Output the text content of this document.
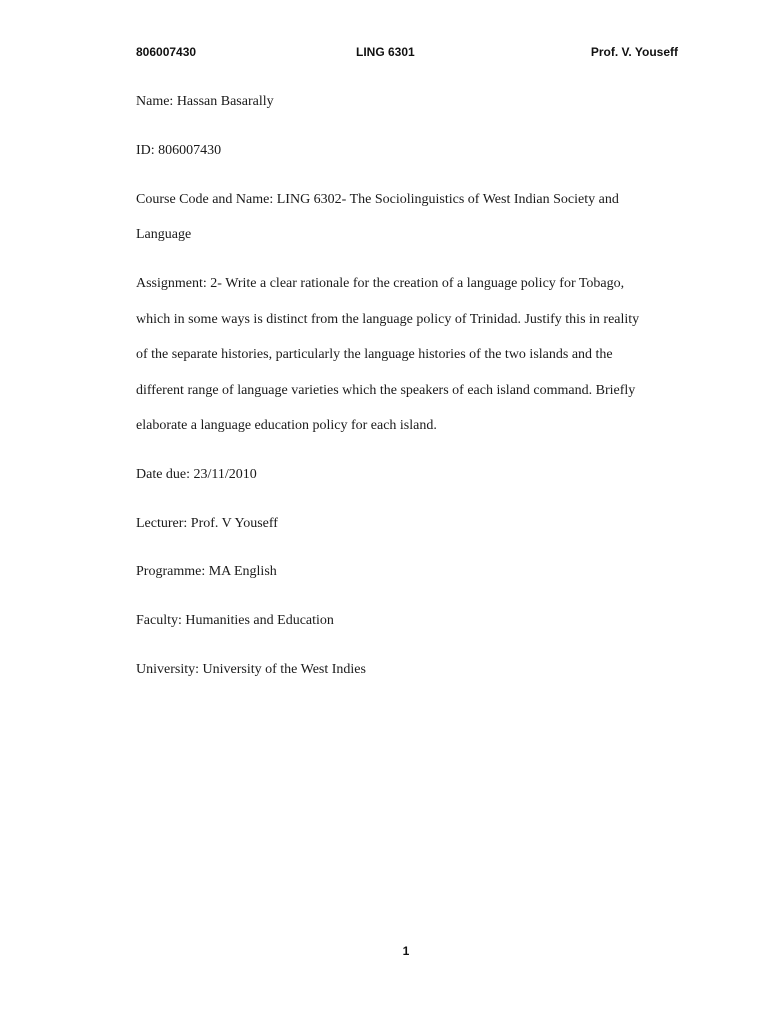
806007430	LING 6301	Prof. V. Youseff
Name: Hassan Basarally
ID: 806007430
Course Code and Name: LING 6302- The Sociolinguistics of West Indian Society and
Language
Assignment: 2- Write a clear rationale for the creation of a language policy for Tobago,
which in some ways is distinct from the language policy of Trinidad. Justify this in reality
of the separate histories, particularly the language histories of the two islands and the
different range of language varieties which the speakers of each island command. Briefly
elaborate a language education policy for each island.
Date due: 23/11/2010
Lecturer: Prof. V Youseff
Programme: MA English
Faculty: Humanities and Education
University: University of the West Indies
1
